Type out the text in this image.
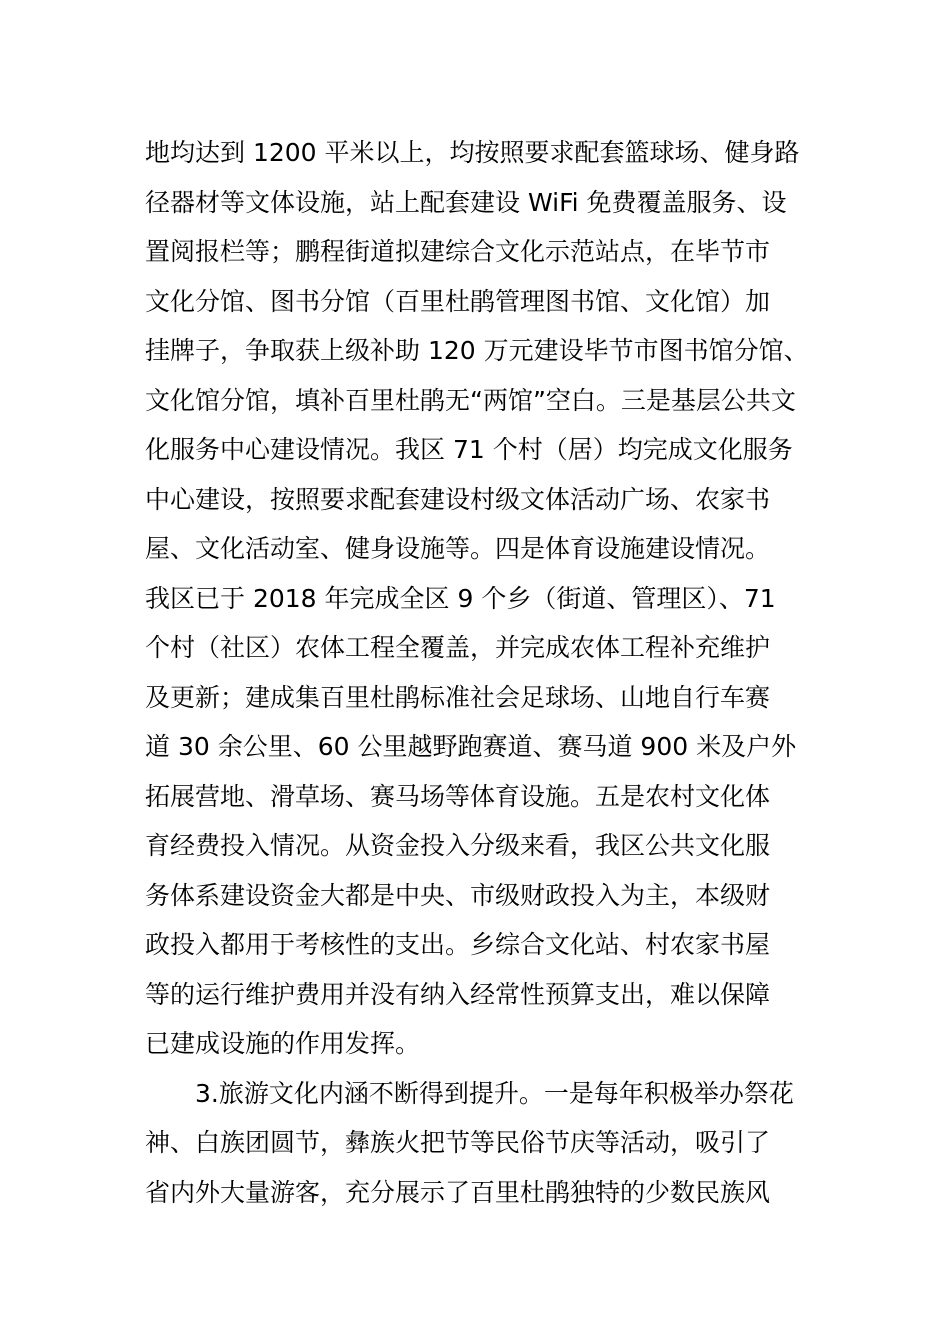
地均达到 1200 平米以上，均按照要求配套篮球场、健身路
径器材等文体设施，站上配套建设 WiFi 免费覆盖服务、设
置阅报栏等；鹏程街道拟建综合文化示范站点，在毕节市
文化分馆、图书分馆（百里杜鹃管理图书馆、文化馆）加
挂牌子，争取获上级补助 120 万元建设毕节市图书馆分馆、
文化馆分馆，填补百里杜鹃无“两馆”空白。三是基层公共文
化服务中心建设情况。我区 71 个村（居）均完成文化服务
中心建设，按照要求配套建设村级文体活动广场、农家书
屋、文化活动室、健身设施等。四是体育设施建设情况。
我区已于 2018 年完成全区 9 个乡（街道、管理区）、71
个村（社区）农体工程全覆盖，并完成农体工程补充维护
及更新；建成集百里杜鹃标准社会足球场、山地自行车赛
道 30 余公里、60 公里越野跑赛道、赛马道 900 米及户外
拓展营地、滑草场、赛马场等体育设施。五是农村文化体
育经费投入情况。从资金投入分级来看，我区公共文化服
务体系建设资金大都是中央、市级财政投入为主，本级财
政投入都用于考核性的支出。乡综合文化站、村农家书屋
等的运行维护费用并没有纳入经常性预算支出，难以保障
已建成设施的作用发挥。
3.旅游文化内涵不断得到提升。一是每年积极举办祭花
神、白族团圆节，彝族火把节等民俗节庆等活动，吸引了
省内外大量游客，充分展示了百里杜鹃独特的少数民族风
